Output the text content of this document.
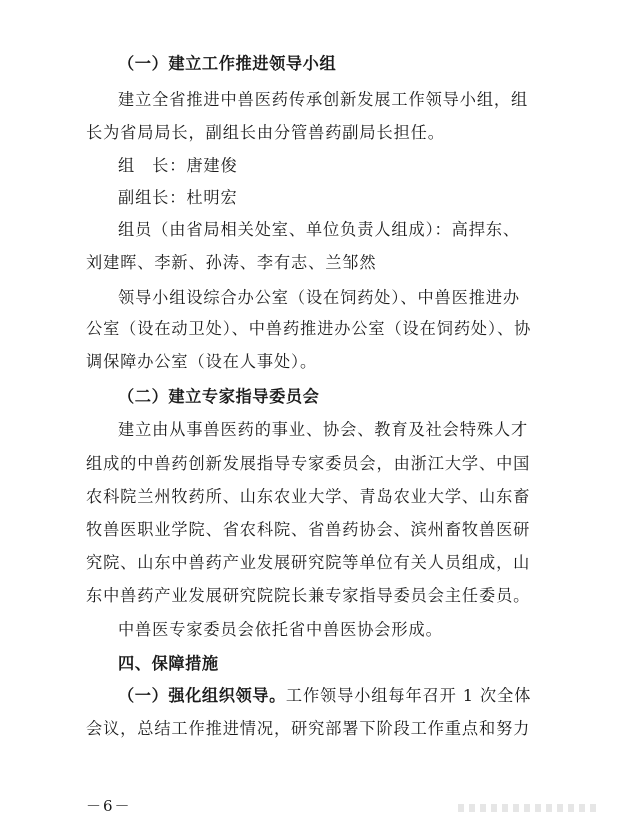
（一）建立工作推进领导小组
建立全省推进中兽医药传承创新发展工作领导小组，组
长为省局局长，副组长由分管兽药副局长担任。
组　长：唐建俊
副组长：杜明宏
组员（由省局相关处室、单位负责人组成）：高捍东、
刘建晖、李新、孙涛、李有志、兰邹然
领导小组设综合办公室（设在饲药处）、中兽医推进办
公室（设在动卫处）、中兽药推进办公室（设在饲药处）、协
调保障办公室（设在人事处）。
（二）建立专家指导委员会
建立由从事兽医药的事业、协会、教育及社会特殊人才
组成的中兽药创新发展指导专家委员会，由浙江大学、中国
农科院兰州牧药所、山东农业大学、青岛农业大学、山东畜
牧兽医职业学院、省农科院、省兽药协会、滨州畜牧兽医研
究院、山东中兽药产业发展研究院等单位有关人员组成，山
东中兽药产业发展研究院院长兼专家指导委员会主任委员。
中兽医专家委员会依托省中兽医协会形成。
四、保障措施
（一）强化组织领导。工作领导小组每年召开 1 次全体
会议，总结工作推进情况，研究部署下阶段工作重点和努力
－6－
